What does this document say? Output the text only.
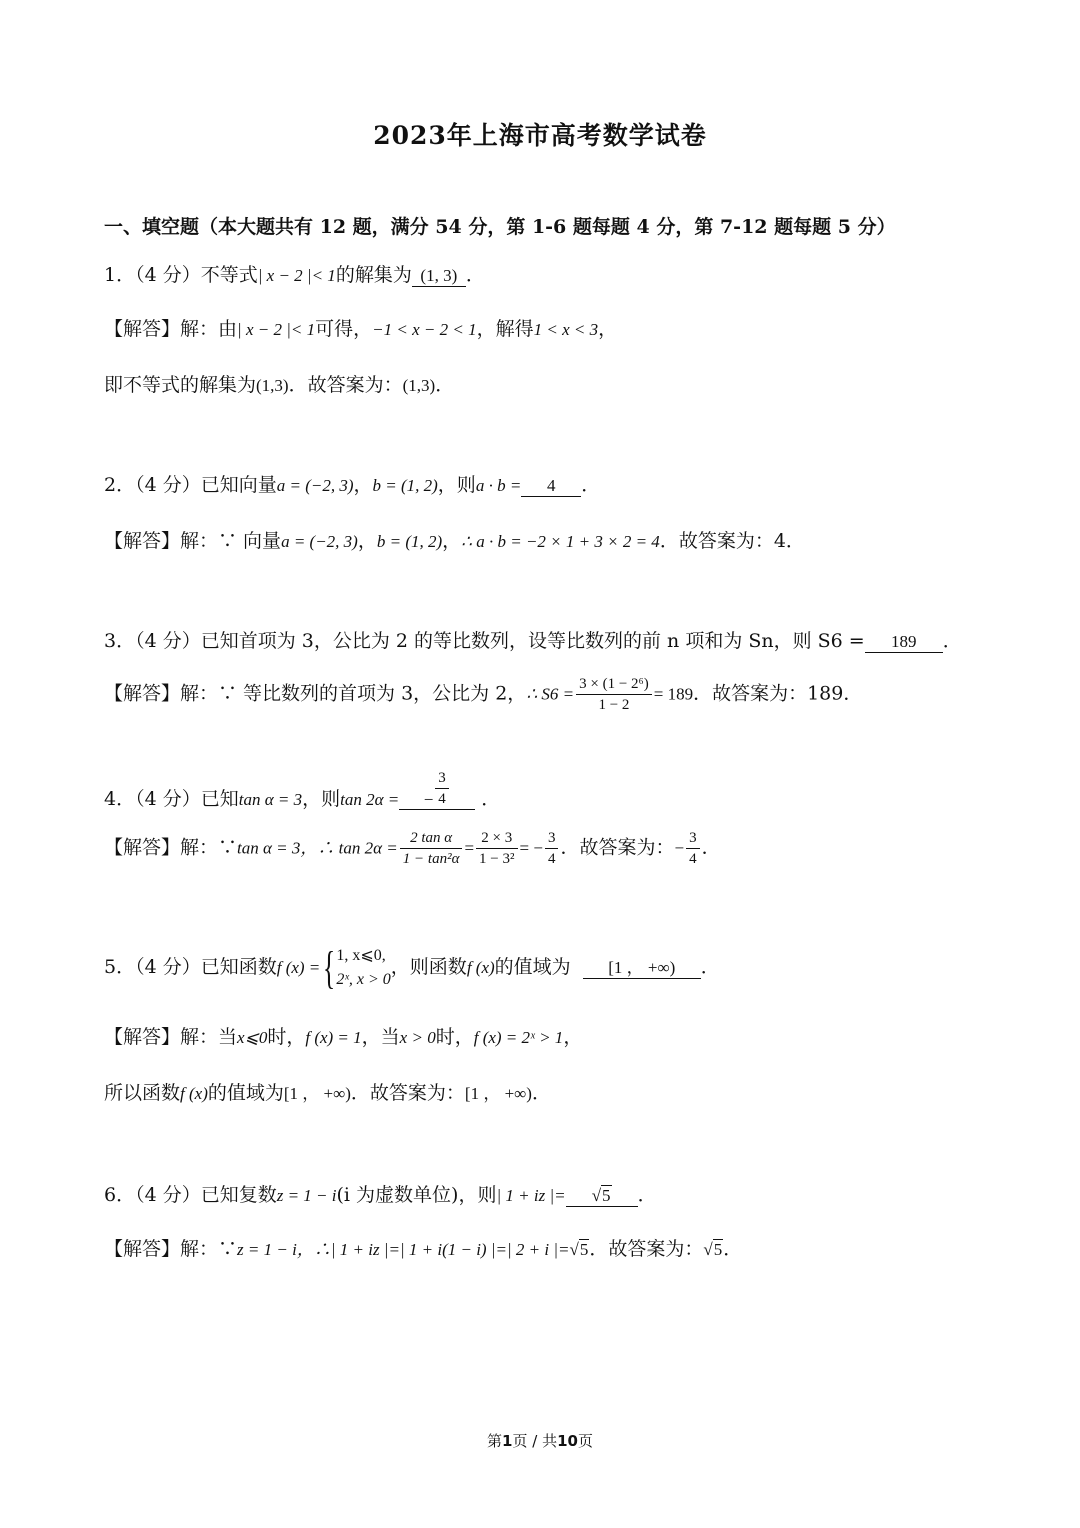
2023年上海市高考数学试卷
一、填空题（本大题共有 12 题，满分 54 分，第 1-6 题每题 4 分，第 7-12 题每题 5 分）
1．（4 分）不等式| x − 2 |< 1的解集为 (1, 3) ．
【解答】解：由| x − 2 |< 1可得，−1 < x − 2 < 1，解得1 < x < 3，
即不等式的解集为(1,3)．故答案为：(1,3)．
2．（4 分）已知向量a = (−2, 3)，b = (1, 2)，则a · b = 4 ．
【解答】解：∵ 向量a = (−2, 3)，b = (1, 2)，∴ a · b = −2 × 1 + 3 × 2 = 4．故答案为：4．
3．（4 分）已知首项为 3，公比为 2 的等比数列，设等比数列的前 n 项和为 Sn，则 S6 = 189 ．
【解答】解：∵ 等比数列的首项为 3，公比为 2，∴ $S6 = \frac{\text{3 × (1 − 2⁶)}}{1 - 2} = 189$．故答案为：189．
4．（4 分）已知tan α = 3，则tan 2α = − $\frac{3}{4}$ ．
【解答】解：∵tan α = 3，∴ $\tan 2\alpha = \frac{\text{2 tan α}}{\text{1 − tan²α}} = \frac{2 \times 3}{\text{1 − 3²}}$ = − $\frac{3}{4}$ ．故答案为：− $\frac{3}{4}$ ．
5．（4 分）已知函数f (x) ={ 1, x⩽0,
2ˣ, x > 0
，则函数f (x)的值域为 [1 ， +∞) ．
【解答】解：当x⩽0时，f (x) = 1，当x > 0时，f (x) = 2ˣ > 1，
所以函数f (x)的值域为[1 ， +∞)．故答案为：[1 ， +∞)．
6．（4 分）已知复数z = 1 − i(i 为虚数单位)，则| 1 + iz |= √5 ．
【解答】解：∵z = 1 − i，∴| 1 + iz |=| 1 + i(1 − i) |=| 2 + i |=√5．故答案为：√5．
第1页 / 共10页
